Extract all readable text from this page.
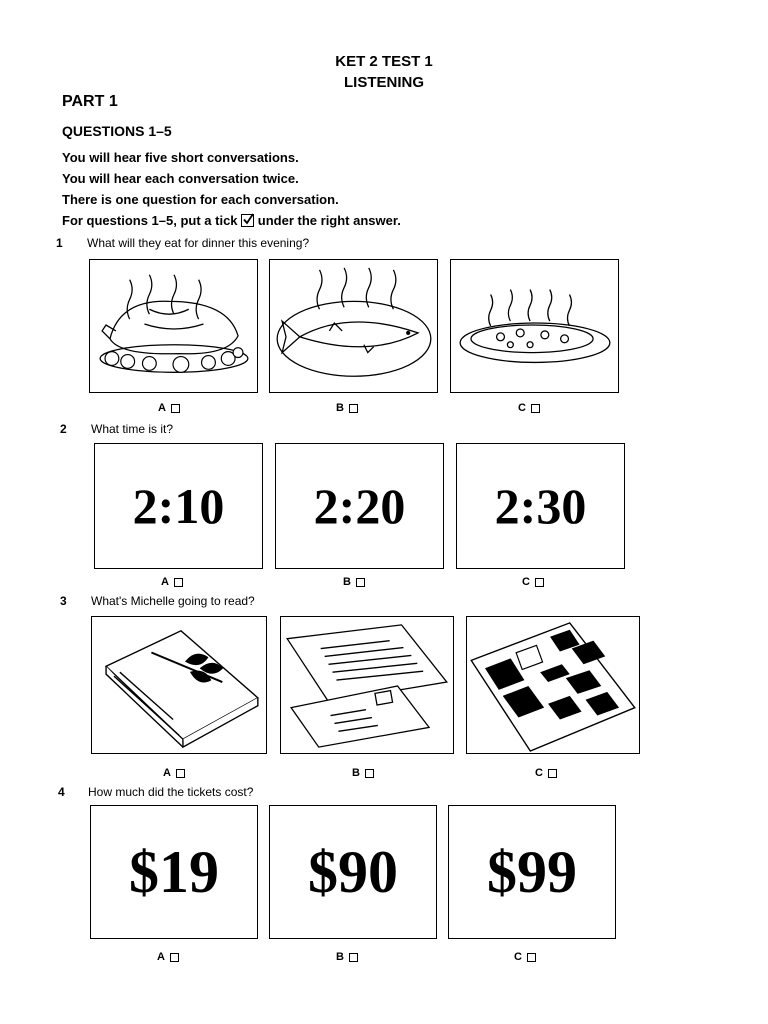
KET 2 TEST 1
LISTENING
PART 1
QUESTIONS 1–5
You will hear five short conversations.
You will hear each conversation twice.
There is one question for each conversation.
For questions 1–5, put a tick under the right answer.
1 What will they eat for dinner this evening?
A	B	C
2 What time is it?
2:10	2:20	2:30
A	B	C
3 What's Michelle going to read?
A	B	C
4 How much did the tickets cost?
$19	$90	$99
A	B	C
